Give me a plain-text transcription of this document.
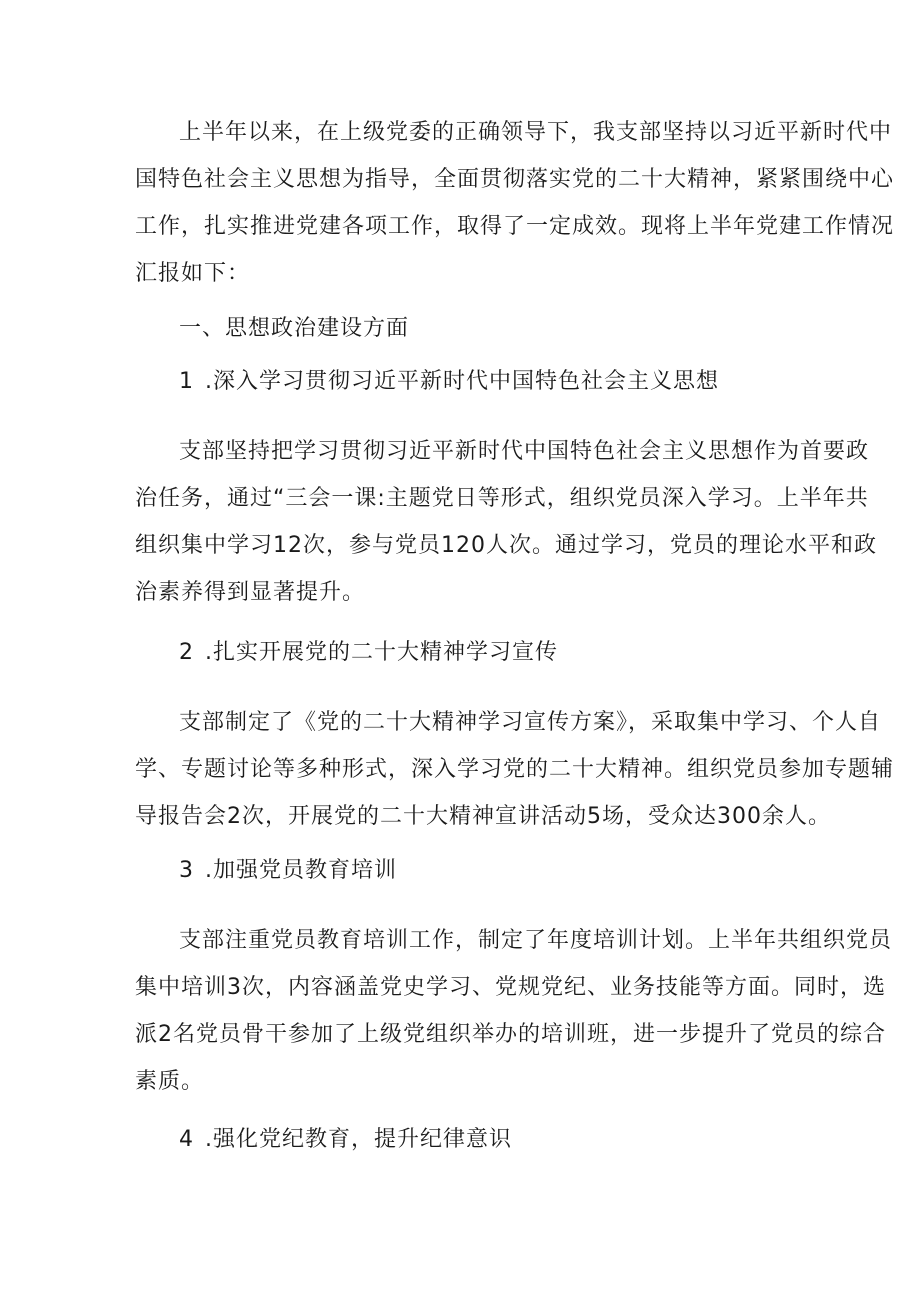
上半年以来，在上级党委的正确领导下，我支部坚持以习近平新时代中
国特色社会主义思想为指导，全面贯彻落实党的二十大精神，紧紧围绕中心
工作，扎实推进党建各项工作，取得了一定成效。现将上半年党建工作情况
汇报如下：
一、思想政治建设方面
1 .深入学习贯彻习近平新时代中国特色社会主义思想
支部坚持把学习贯彻习近平新时代中国特色社会主义思想作为首要政
治任务，通过“三会一课:主题党日等形式，组织党员深入学习。上半年共
组织集中学习12次，参与党员120人次。通过学习，党员的理论水平和政
治素养得到显著提升。
2 .扎实开展党的二十大精神学习宣传
支部制定了《党的二十大精神学习宣传方案》，采取集中学习、个人自
学、专题讨论等多种形式，深入学习党的二十大精神。组织党员参加专题辅
导报告会2次，开展党的二十大精神宣讲活动5场，受众达300余人。
3 .加强党员教育培训
支部注重党员教育培训工作，制定了年度培训计划。上半年共组织党员
集中培训3次，内容涵盖党史学习、党规党纪、业务技能等方面。同时，选
派2名党员骨干参加了上级党组织举办的培训班，进一步提升了党员的综合
素质。
4 .强化党纪教育，提升纪律意识
